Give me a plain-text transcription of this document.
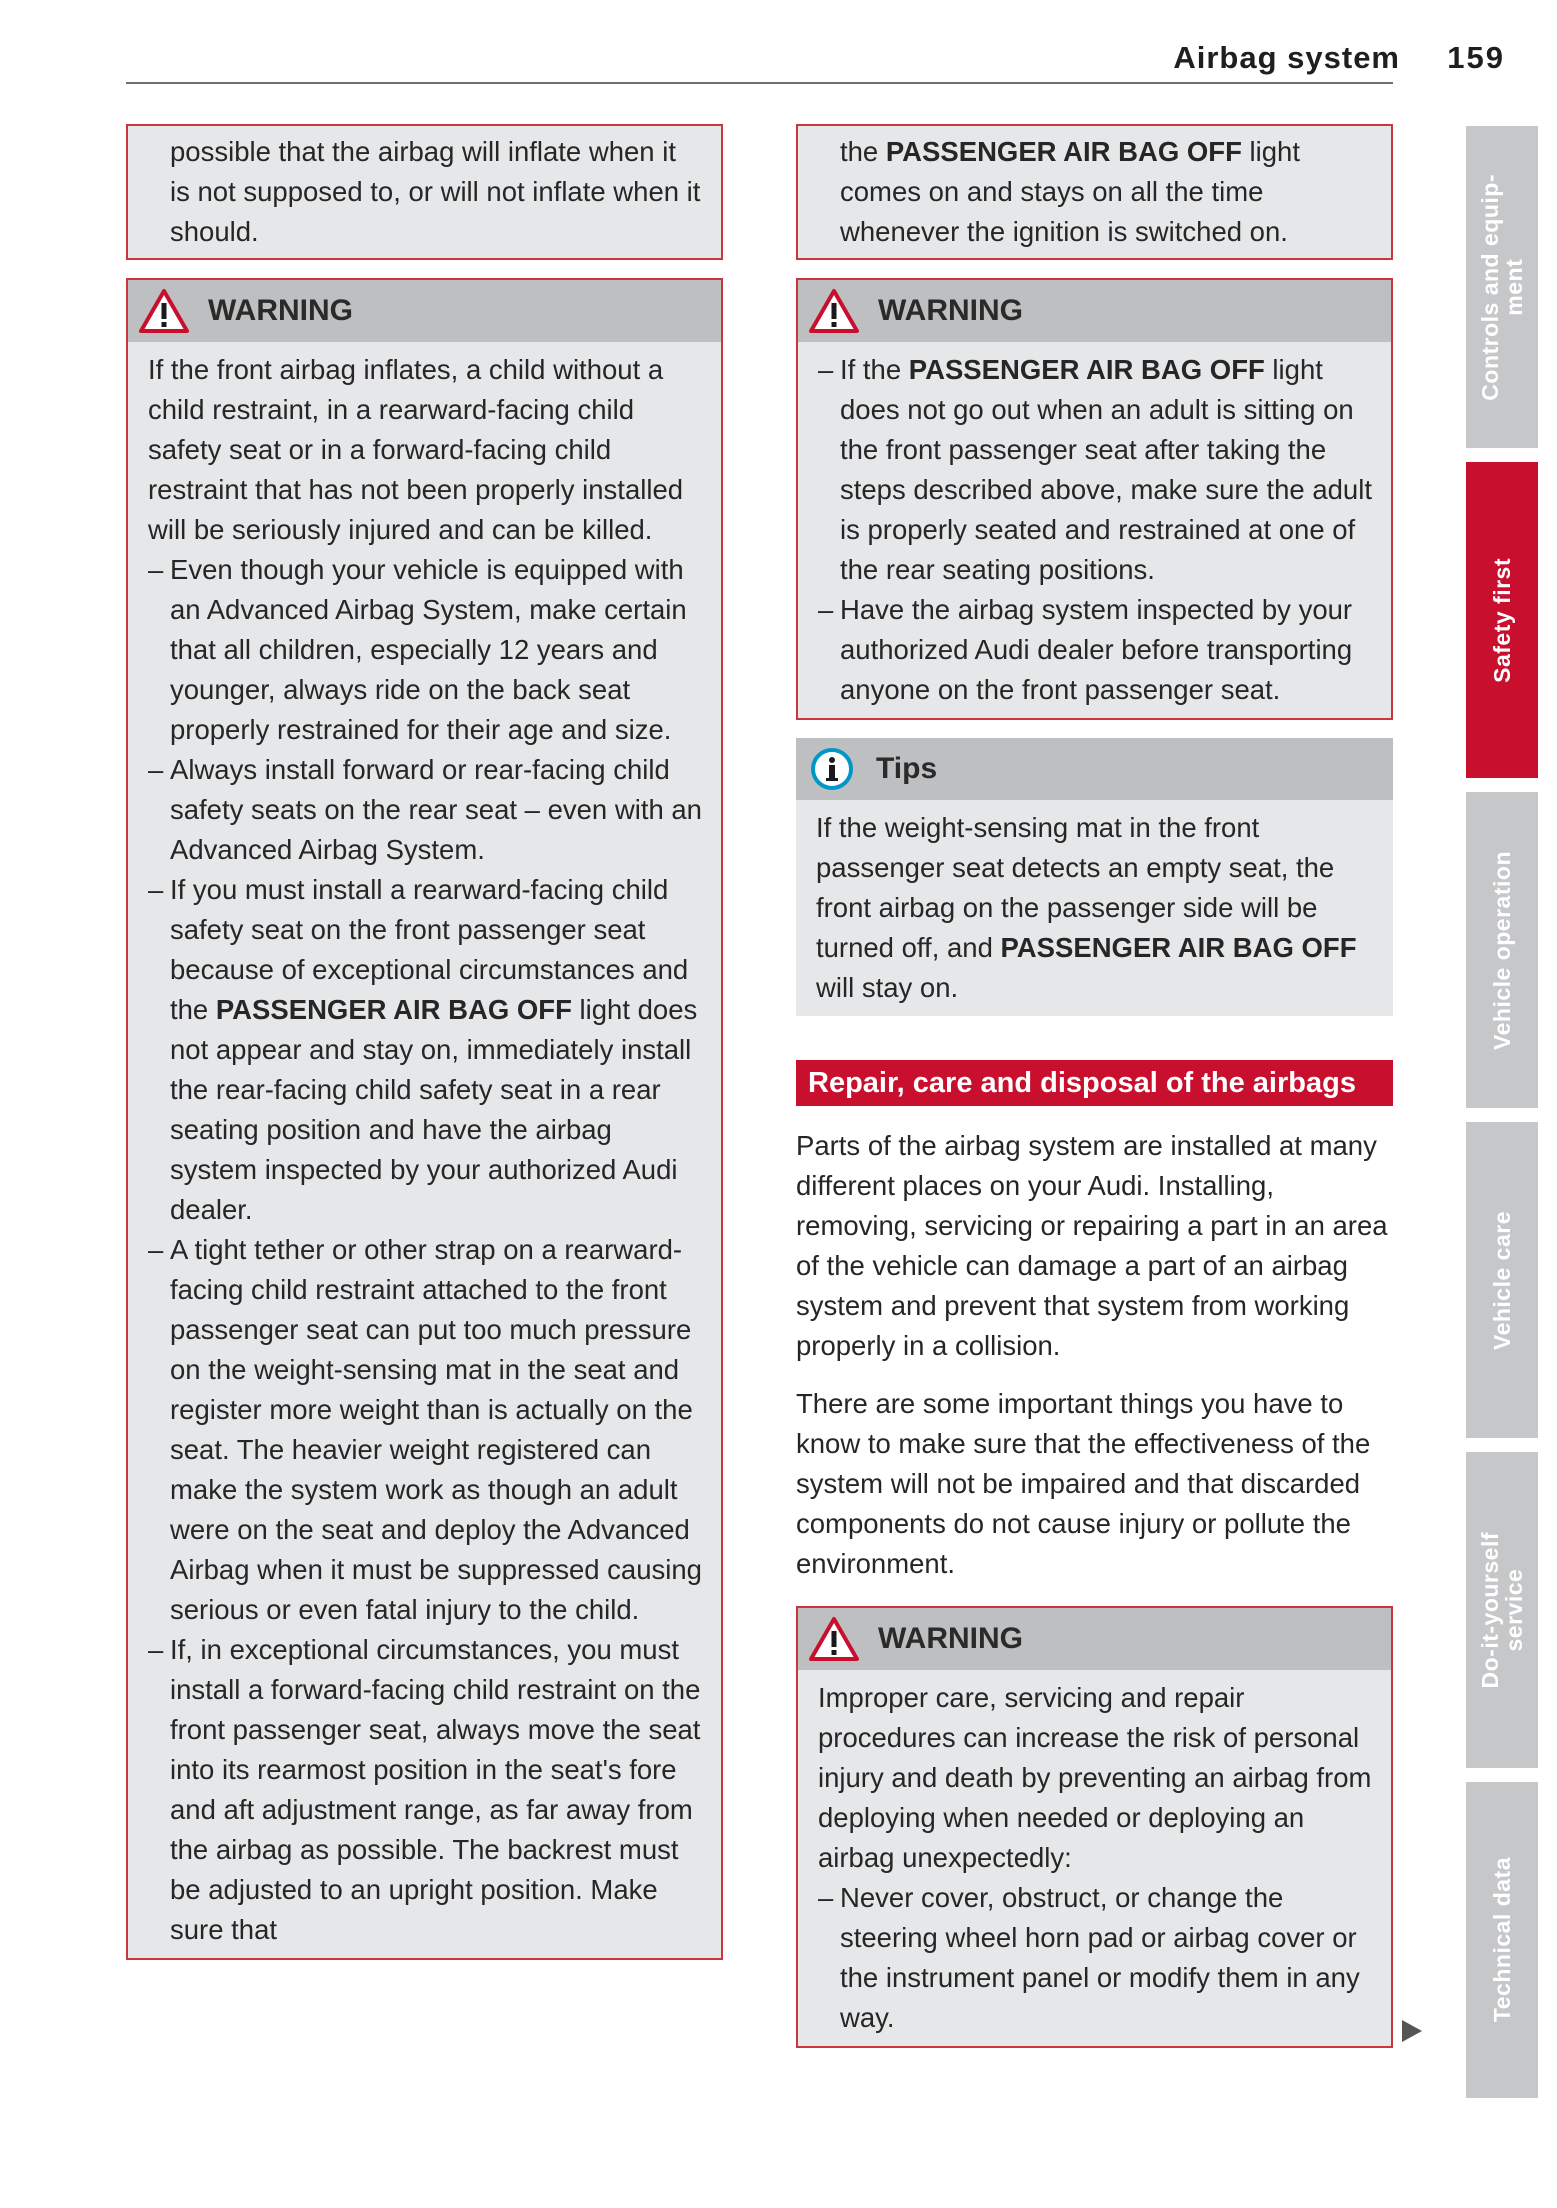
Airbag system	159
possible that the airbag will inflate when it is not supposed to, or will not inflate when it should.
WARNING

If the front airbag inflates, a child without a child restraint, in a rearward-facing child safety seat or in a forward-facing child restraint that has not been properly installed will be seriously injured and can be killed.

– Even though your vehicle is equipped with an Advanced Airbag System, make certain that all children, especially 12 years and younger, always ride on the back seat properly restrained for their age and size.
– Always install forward or rear-facing child safety seats on the rear seat – even with an Advanced Airbag System.
– If you must install a rearward-facing child safety seat on the front passenger seat because of exceptional circumstances and the PASSENGER AIR BAG OFF light does not appear and stay on, immediately install the rear-facing child safety seat in a rear seating position and have the airbag system inspected by your authorized Audi dealer.
– A tight tether or other strap on a rearward-facing child restraint attached to the front passenger seat can put too much pressure on the weight-sensing mat in the seat and register more weight than is actually on the seat. The heavier weight registered can make the system work as though an adult were on the seat and deploy the Advanced Airbag when it must be suppressed causing serious or even fatal injury to the child.
– If, in exceptional circumstances, you must install a forward-facing child restraint on the front passenger seat, always move the seat into its rearmost position in the seat's fore and aft adjustment range, as far away from the airbag as possible. The backrest must be adjusted to an upright position. Make sure that
the PASSENGER AIR BAG OFF light comes on and stays on all the time whenever the ignition is switched on.
WARNING
– If the PASSENGER AIR BAG OFF light does not go out when an adult is sitting on the front passenger seat after taking the steps described above, make sure the adult is properly seated and restrained at one of the rear seating positions.
– Have the airbag system inspected by your authorized Audi dealer before transporting anyone on the front passenger seat.
Tips

If the weight-sensing mat in the front passenger seat detects an empty seat, the front airbag on the passenger side will be turned off, and PASSENGER AIR BAG OFF will stay on.

Repair, care and disposal of the airbags

Parts of the airbag system are installed at many different places on your Audi. Installing, removing, servicing or repairing a part in an area of the vehicle can damage a part of an airbag system and prevent that system from working properly in a collision.

There are some important things you have to know to make sure that the effectiveness of the system will not be impaired and that discarded components do not cause injury or pollute the environment.

WARNING

Improper care, servicing and repair procedures can increase the risk of personal injury and death by preventing an airbag from deploying when needed or deploying an airbag unexpectedly:

– Never cover, obstruct, or change the steering wheel horn pad or airbag cover or the instrument panel or modify them in any way.
Controls and equip-
ment
Safety first
Vehicle operation
Vehicle care
Do-it-yourself
service
Technical data
